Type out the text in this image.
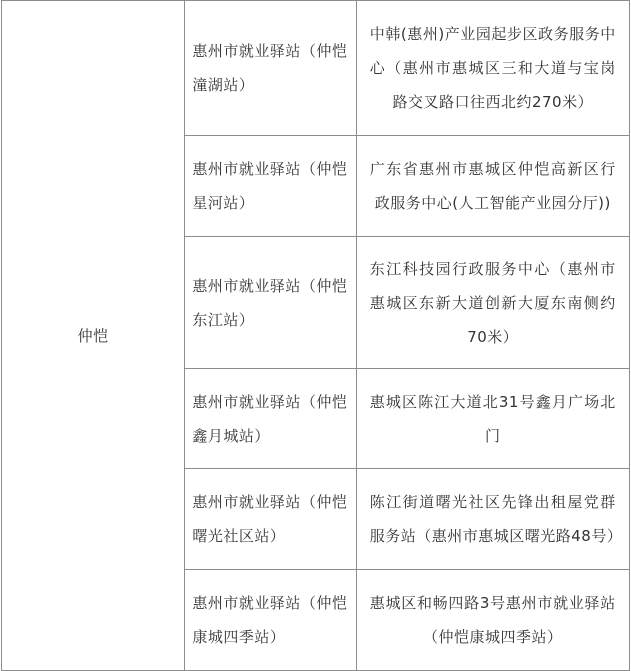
仲恺	惠州市就业驿站（仲恺潼湖站）	中韩(惠州)产业园起步区政务服务中心（惠州市惠城区三和大道与宝岗路交叉路口往西北约270米）

	惠州市就业驿站（仲恺星河站）	广东省惠州市惠城区仲恺高新区行政服务中心(人工智能产业园分厅))

	惠州市就业驿站（仲恺东江站）	东江科技园行政服务中心（惠州市惠城区东新大道创新大厦东南侧约70米）

	惠州市就业驿站（仲恺鑫月城站）	惠城区陈江大道北31号鑫月广场北门

	惠州市就业驿站（仲恺曙光社区站）	陈江街道曙光社区先锋出租屋党群服务站（惠州市惠城区曙光路48号）

	惠州市就业驿站（仲恺康城四季站）	惠城区和畅四路3号惠州市就业驿站（仲恺康城四季站）
